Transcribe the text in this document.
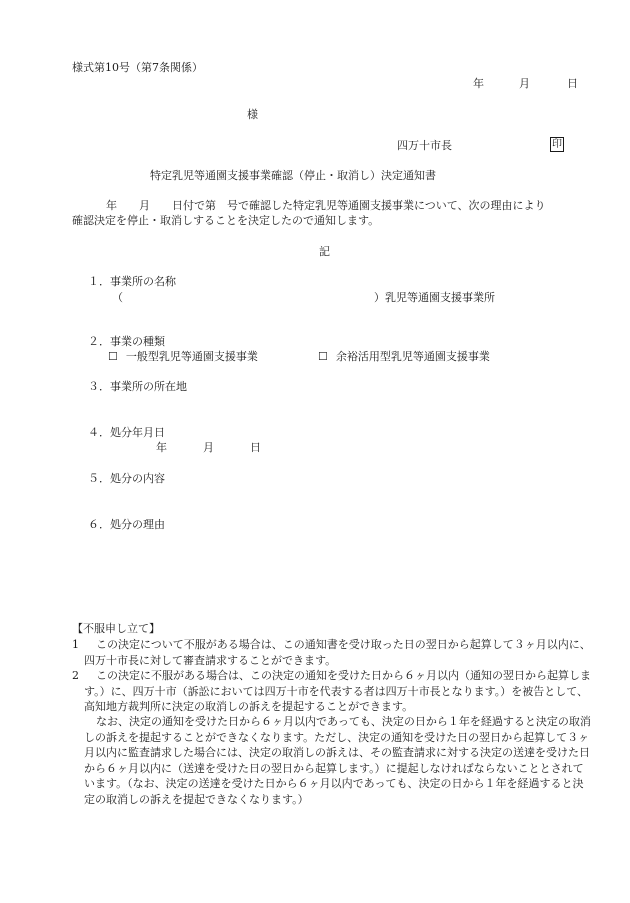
様式第10号（第7条関係）
年	月	日
様
四万十市長	印
特定乳児等通園支援事業確認（停止・取消し）決定通知書
年　　月　　日付で第　号で確認した特定乳児等通園支援事業について、次の理由により
確認決定を停止・取消しすることを決定したので通知します。
記
１．事業所の名称
（	）乳児等通園支援事業所
２．事業の種類
☐ 一般型乳児等通園支援事業	☐ 余裕活用型乳児等通園支援事業
３．事業所の所在地
４．処分年月日
年	月	日
５．処分の内容
６．処分の理由
【不服申し立て】
1	この決定について不服がある場合は、この通知書を受け取った日の翌日から起算して３ヶ月以内に、四万十市長に対して審査請求することができます。
2	この決定に不服がある場合は、この決定の通知を受けた日から６ヶ月以内（通知の翌日から起算します。）に、四万十市（訴訟においては四万十市を代表する者は四万十市長となります。）を被告として、高知地方裁判所に決定の取消しの訴えを提起することができます。
なお、決定の通知を受けた日から６ヶ月以内であっても、決定の日から１年を経過すると決定の取消しの訴えを提起することができなくなります。ただし、決定の通知を受けた日の翌日から起算して３ヶ月以内に監査請求した場合には、決定の取消しの訴えは、その監査請求に対する決定の送達を受けた日から６ヶ月以内に（送達を受けた日の翌日から起算します。）に提起しなければならないこととされています。（なお、決定の送達を受けた日から６ヶ月以内であっても、決定の日から１年を経過すると決定の取消しの訴えを提起できなくなります。）
